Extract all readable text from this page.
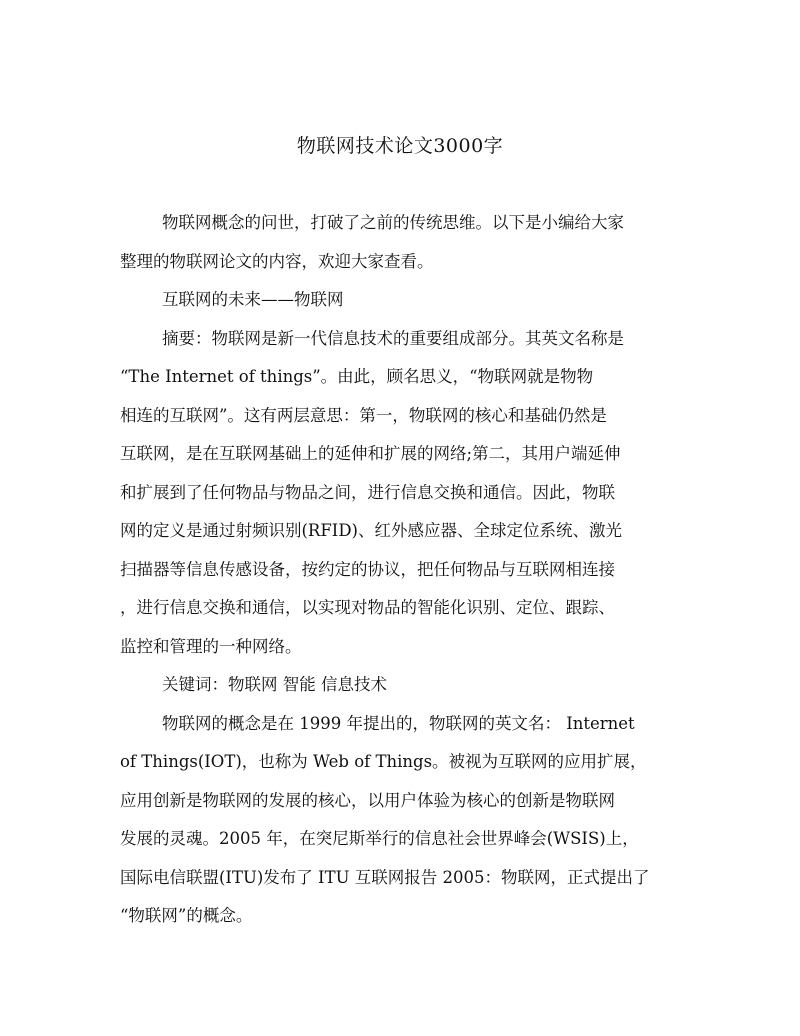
物联网技术论文3000字
物联网概念的问世，打破了之前的传统思维。以下是小编给大家
整理的物联网论文的内容，欢迎大家查看。
互联网的未来——物联网
摘要：物联网是新一代信息技术的重要组成部分。其英文名称是
“The Internet of things”。由此，顾名思义，“物联网就是物物
相连的互联网”。这有两层意思：第一，物联网的核心和基础仍然是
互联网，是在互联网基础上的延伸和扩展的网络;第二，其用户端延伸
和扩展到了任何物品与物品之间，进行信息交换和通信。因此，物联
网的定义是通过射频识别(RFID)、红外感应器、全球定位系统、激光
扫描器等信息传感设备，按约定的协议，把任何物品与互联网相连接
，进行信息交换和通信，以实现对物品的智能化识别、定位、跟踪、
监控和管理的一种网络。
关键词：物联网 智能 信息技术
物联网的概念是在 1999 年提出的，物联网的英文名： Internet
of Things(IOT)，也称为 Web of Things。被视为互联网的应用扩展，
应用创新是物联网的发展的核心，以用户体验为核心的创新是物联网
发展的灵魂。2005 年，在突尼斯举行的信息社会世界峰会(WSIS)上，
国际电信联盟(ITU)发布了 ITU 互联网报告 2005：物联网，正式提出了
“物联网”的概念。
